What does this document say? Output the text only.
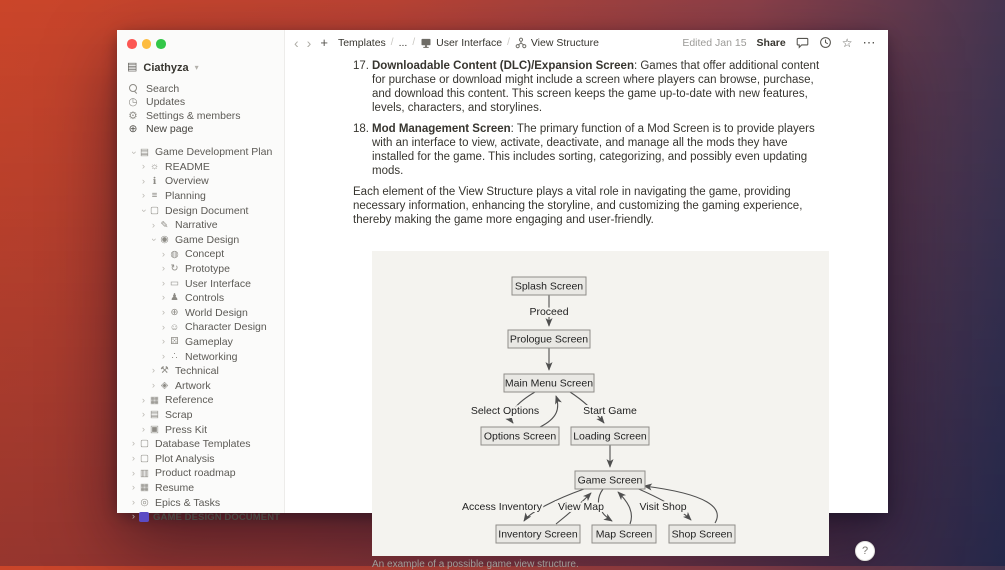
▤ Ciathyza ▾
Search
◷ Updates
⚙ Settings & members
⊕ New page
› ▤ Game Development Plan
› ☼ README
› ℹ Overview
› ≡ Planning
› ▢ Design Document
› ✎ Narrative
› ◉ Game Design
› ◍ Concept
› ↻ Prototype
› ▭ User Interface
› ♟ Controls
› ⊕ World Design
› ☺ Character Design
› ⚄ Gameplay
› ∴ Networking
› ⚒ Technical
› ◈ Artwork
› ▦ Reference
› ▤ Scrap
› ▣ Press Kit
› ▢ Database Templates
› ▢ Plot Analysis
› ▥ Product roadmap
› ▦ Resume
› ◎ Epics & Tasks
›	GAME DESIGN DOCUMENT
‹ › + Templates / ... / User Interface / View Structure	Edited Jan 15 Share	☆ ⋯
17. Downloadable Content (DLC)/Expansion Screen: Games that offer additional content for purchase or download might include a screen where players can browse, purchase, and download this content. This screen keeps the game up-to-date with new features, levels, characters, and storylines.
18. Mod Management Screen: The primary function of a Mod Screen is to provide players with an interface to view, activate, deactivate, and manage all the mods they have installed for the game. This includes sorting, categorizing, and possibly even updating mods.
Each element of the View Structure plays a vital role in navigating the game, providing necessary information, enhancing the storyline, and customizing the gaming experience, thereby making the game more engaging and user-friendly.
Proceed
Select Options	Start Game
Access Inventory View Map	Visit Shop
Splash Screen
Prologue Screen
Main Menu Screen
Options Screen Loading Screen
Game Screen
Inventory Screen Map Screen Shop Screen
An example of a possible game view structure.
?
